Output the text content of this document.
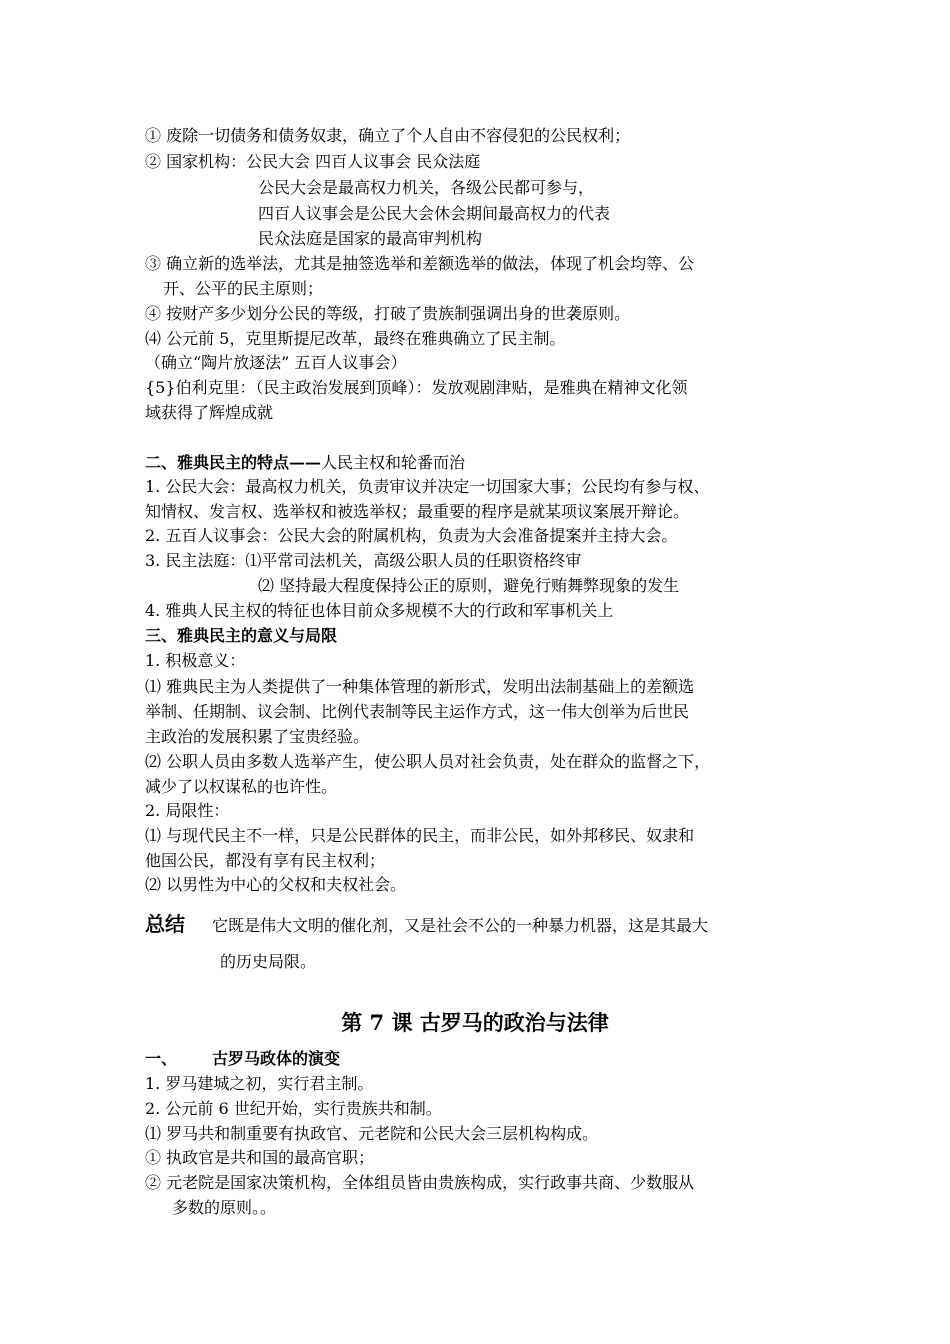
① 废除一切债务和债务奴隶，确立了个人自由不容侵犯的公民权利；
② 国家机构：公民大会 四百人议事会 民众法庭
公民大会是最高权力机关，各级公民都可参与，
四百人议事会是公民大会休会期间最高权力的代表
民众法庭是国家的最高审判机构
③ 确立新的选举法，尤其是抽签选举和差额选举的做法，体现了机会均等、公
开、公平的民主原则；
④ 按财产多少划分公民的等级，打破了贵族制强调出身的世袭原则。
⑷ 公元前 5，克里斯提尼改革，最终在雅典确立了民主制。
（确立“陶片放逐法” 五百人议事会）
{5}伯利克里：（民主政治发展到顶峰）：发放观剧津贴，是雅典在精神文化领
域获得了辉煌成就
二、雅典民主的特点——人民主权和轮番而治
1. 公民大会：最高权力机关，负责审议并决定一切国家大事；公民均有参与权、
知情权、发言权、选举权和被选举权；最重要的程序是就某项议案展开辩论。
2. 五百人议事会：公民大会的附属机构，负责为大会准备提案并主持大会。
3. 民主法庭：⑴平常司法机关，高级公职人员的任职资格终审
⑵ 坚持最大程度保持公正的原则，避免行贿舞弊现象的发生
4. 雅典人民主权的特征也体目前众多规模不大的行政和军事机关上
三、雅典民主的意义与局限
1. 积极意义：
⑴ 雅典民主为人类提供了一种集体管理的新形式，发明出法制基础上的差额选
举制、任期制、议会制、比例代表制等民主运作方式，这一伟大创举为后世民
主政治的发展积累了宝贵经验。
⑵ 公职人员由多数人选举产生，使公职人员对社会负责，处在群众的监督之下，
减少了以权谋私的也许性。
2. 局限性：
⑴ 与现代民主不一样，只是公民群体的民主，而非公民，如外邦移民、奴隶和
他国公民，都没有享有民主权利；
⑵ 以男性为中心的父权和夫权社会。
总结 它既是伟大文明的催化剂，又是社会不公的一种暴力机器，这是其最大
的历史局限。
第 7 课 古罗马的政治与法律
一、 古罗马政体的演变
1. 罗马建城之初，实行君主制。
2. 公元前 6 世纪开始，实行贵族共和制。
⑴ 罗马共和制重要有执政官、元老院和公民大会三层机构构成。
① 执政官是共和国的最高官职；
② 元老院是国家决策机构，全体组员皆由贵族构成，实行政事共商、少数服从
多数的原则。。
